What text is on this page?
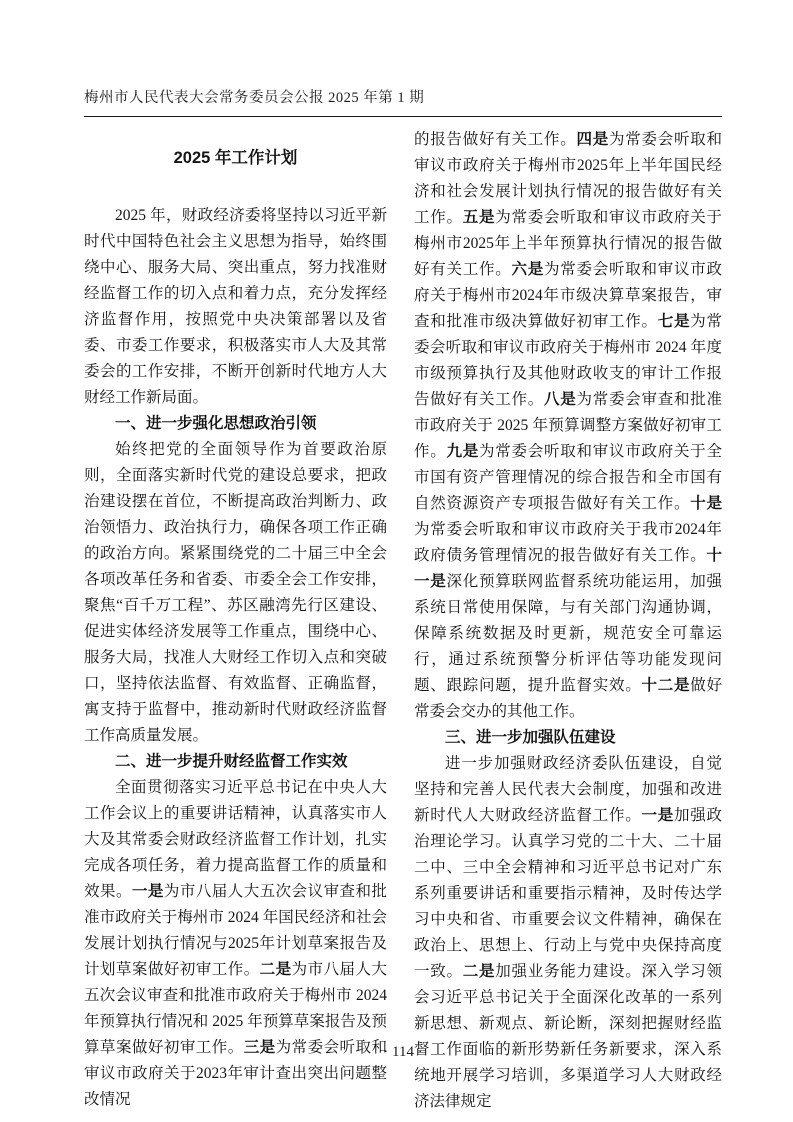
梅州市人民代表大会常务委员会公报 2025 年第 1 期
2025 年工作计划

2025 年，财政经济委将坚持以习近平新时代中国特色社会主义思想为指导，始终围绕中心、服务大局、突出重点，努力找准财经监督工作的切入点和着力点，充分发挥经济监督作用，按照党中央决策部署以及省委、市委工作要求，积极落实市人大及其常委会的工作安排，不断开创新时代地方人大财经工作新局面。

一、进一步强化思想政治引领

始终把党的全面领导作为首要政治原则，全面落实新时代党的建设总要求，把政治建设摆在首位，不断提高政治判断力、政治领悟力、政治执行力，确保各项工作正确的政治方向。紧紧围绕党的二十届三中全会各项改革任务和省委、市委全会工作安排，聚焦“百千万工程”、苏区融湾先行区建设、促进实体经济发展等工作重点，围绕中心、服务大局，找准人大财经工作切入点和突破口，坚持依法监督、有效监督、正确监督，寓支持于监督中，推动新时代财政经济监督工作高质量发展。

二、进一步提升财经监督工作实效

全面贯彻落实习近平总书记在中央人大工作会议上的重要讲话精神，认真落实市人大及其常委会财政经济监督工作计划，扎实完成各项任务，着力提高监督工作的质量和效果。一是为市八届人大五次会议审查和批准市政府关于梅州市 2024 年国民经济和社会发展计划执行情况与2025年计划草案报告及计划草案做好初审工作。二是为市八届人大五次会议审查和批准市政府关于梅州市 2024 年预算执行情况和 2025 年预算草案报告及预算草案做好初审工作。三是为常委会听取和审议市政府关于2023年审计查出突出问题整改情况

的报告做好有关工作。四是为常委会听取和审议市政府关于梅州市2025年上半年国民经济和社会发展计划执行情况的报告做好有关工作。五是为常委会听取和审议市政府关于梅州市2025年上半年预算执行情况的报告做好有关工作。六是为常委会听取和审议市政府关于梅州市2024年市级决算草案报告，审查和批准市级决算做好初审工作。七是为常委会听取和审议市政府关于梅州市 2024 年度市级预算执行及其他财政收支的审计工作报告做好有关工作。八是为常委会审查和批准市政府关于 2025 年预算调整方案做好初审工作。九是为常委会听取和审议市政府关于全市国有资产管理情况的综合报告和全市国有自然资源资产专项报告做好有关工作。十是为常委会听取和审议市政府关于我市2024年政府债务管理情况的报告做好有关工作。十一是深化预算联网监督系统功能运用，加强系统日常使用保障，与有关部门沟通协调，保障系统数据及时更新，规范安全可靠运行，通过系统预警分析评估等功能发现问题、跟踪问题，提升监督实效。十二是做好常委会交办的其他工作。

三、进一步加强队伍建设

进一步加强财政经济委队伍建设，自觉坚持和完善人民代表大会制度，加强和改进新时代人大财政经济监督工作。一是加强政治理论学习。认真学习党的二十大、二十届二中、三中全会精神和习近平总书记对广东系列重要讲话和重要指示精神，及时传达学习中央和省、市重要会议文件精神，确保在政治上、思想上、行动上与党中央保持高度一致。二是加强业务能力建设。深入学习领会习近平总书记关于全面深化改革的一系列新思想、新观点、新论断，深刻把握财经监督工作面临的新形势新任务新要求，深入系统地开展学习培训，多渠道学习人大财政经济法律规定

· 114 ·
